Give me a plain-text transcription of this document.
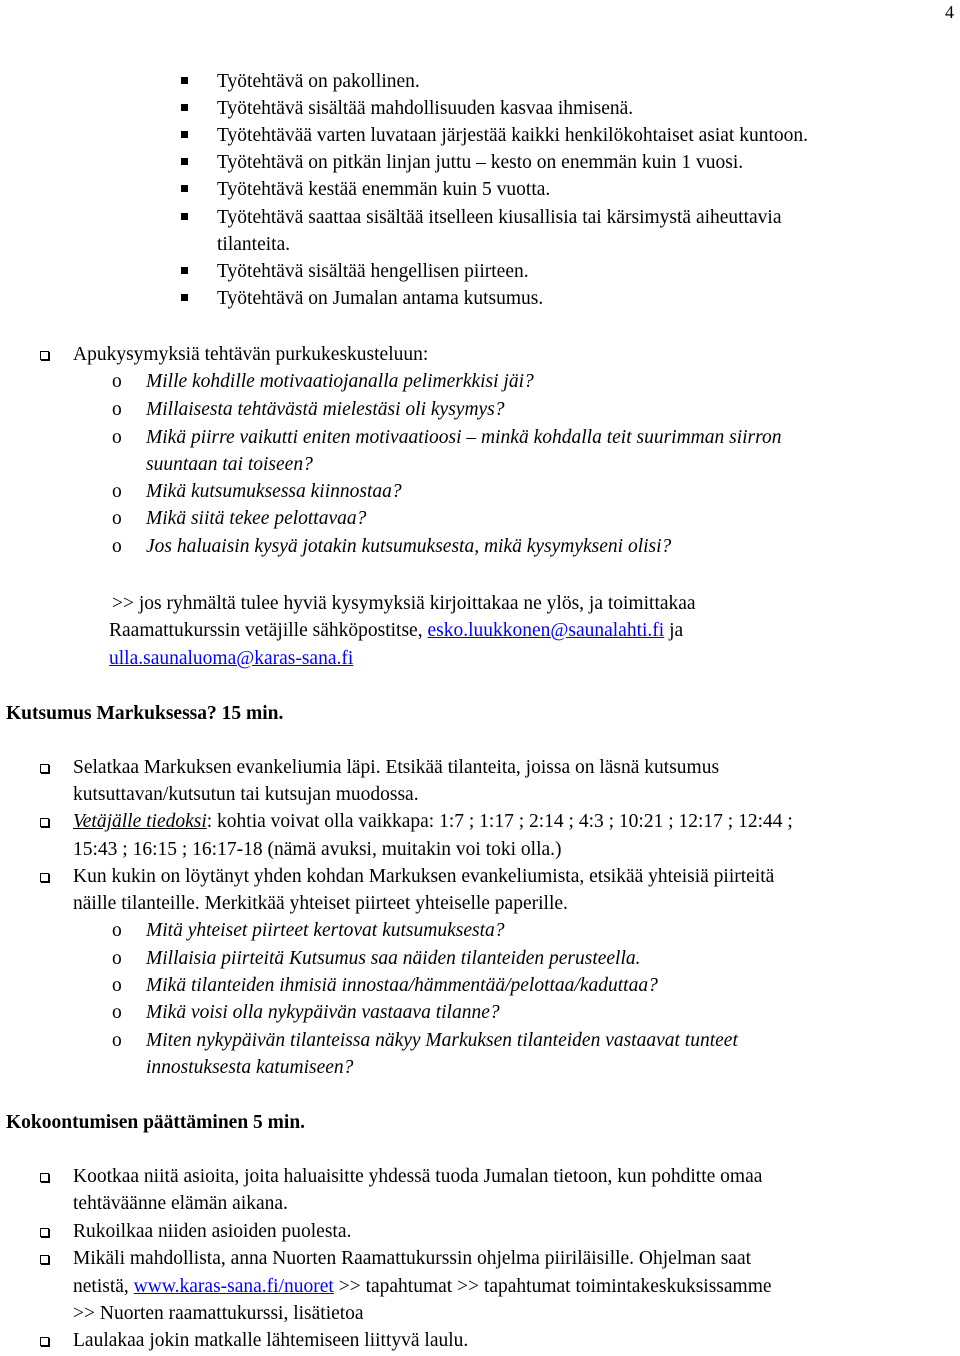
4
Työtehtävä on pakollinen.
Työtehtävä sisältää mahdollisuuden kasvaa ihmisenä.
Työtehtävää varten luvataan järjestää kaikki henkilökohtaiset asiat kuntoon.
Työtehtävä on pitkän linjan juttu – kesto on enemmän kuin 1 vuosi.
Työtehtävä kestää enemmän kuin 5 vuotta.
Työtehtävä saattaa sisältää itselleen kiusallisia tai kärsimystä aiheuttavia
tilanteita.
Työtehtävä sisältää hengellisen piirteen.
Työtehtävä on Jumalan antama kutsumus.
Apukysymyksiä tehtävän purkukeskusteluun:
o Mille kohdille motivaatiojanalla pelimerkkisi jäi?
o Millaisesta tehtävästä mielestäsi oli kysymys?
o Mikä piirre vaikutti eniten motivaatioosi – minkä kohdalla teit suurimman siirron
suuntaan tai toiseen?
o Mikä kutsumuksessa kiinnostaa?
o Mikä siitä tekee pelottavaa?
o Jos haluaisin kysyä jotakin kutsumuksesta, mikä kysymykseni olisi?
>> jos ryhmältä tulee hyviä kysymyksiä kirjoittakaa ne ylös, ja toimittakaa
Raamattukurssin vetäjille sähköpostitse, esko.luukkonen@saunalahti.fi ja
ulla.saunaluoma@karas-sana.fi
Kutsumus Markuksessa? 15 min.
Selatkaa Markuksen evankeliumia läpi. Etsikää tilanteita, joissa on läsnä kutsumus
kutsuttavan/kutsutun tai kutsujan muodossa.
Vetäjälle tiedoksi: kohtia voivat olla vaikkapa: 1:7 ; 1:17 ; 2:14 ; 4:3 ; 10:21 ; 12:17 ; 12:44 ;
15:43 ; 16:15 ; 16:17-18 (nämä avuksi, muitakin voi toki olla.)
Kun kukin on löytänyt yhden kohdan Markuksen evankeliumista, etsikää yhteisiä piirteitä
näille tilanteille. Merkitkää yhteiset piirteet yhteiselle paperille.
o Mitä yhteiset piirteet kertovat kutsumuksesta?
o Millaisia piirteitä Kutsumus saa näiden tilanteiden perusteella.
o Mikä tilanteiden ihmisiä innostaa/hämmentää/pelottaa/kaduttaa?
o Mikä voisi olla nykypäivän vastaava tilanne?
o Miten nykypäivän tilanteissa näkyy Markuksen tilanteiden vastaavat tunteet
innostuksesta katumiseen?
Kokoontumisen päättäminen 5 min.
Kootkaa niitä asioita, joita haluaisitte yhdessä tuoda Jumalan tietoon, kun pohditte omaa
tehtäväänne elämän aikana.
Rukoilkaa niiden asioiden puolesta.
Mikäli mahdollista, anna Nuorten Raamattukurssin ohjelma piiriläisille. Ohjelman saat
netistä, www.karas-sana.fi/nuoret >> tapahtumat >> tapahtumat toimintakeskuksissamme
>> Nuorten raamattukurssi, lisätietoa
Laulakaa jokin matkalle lähtemiseen liittyvä laulu.
